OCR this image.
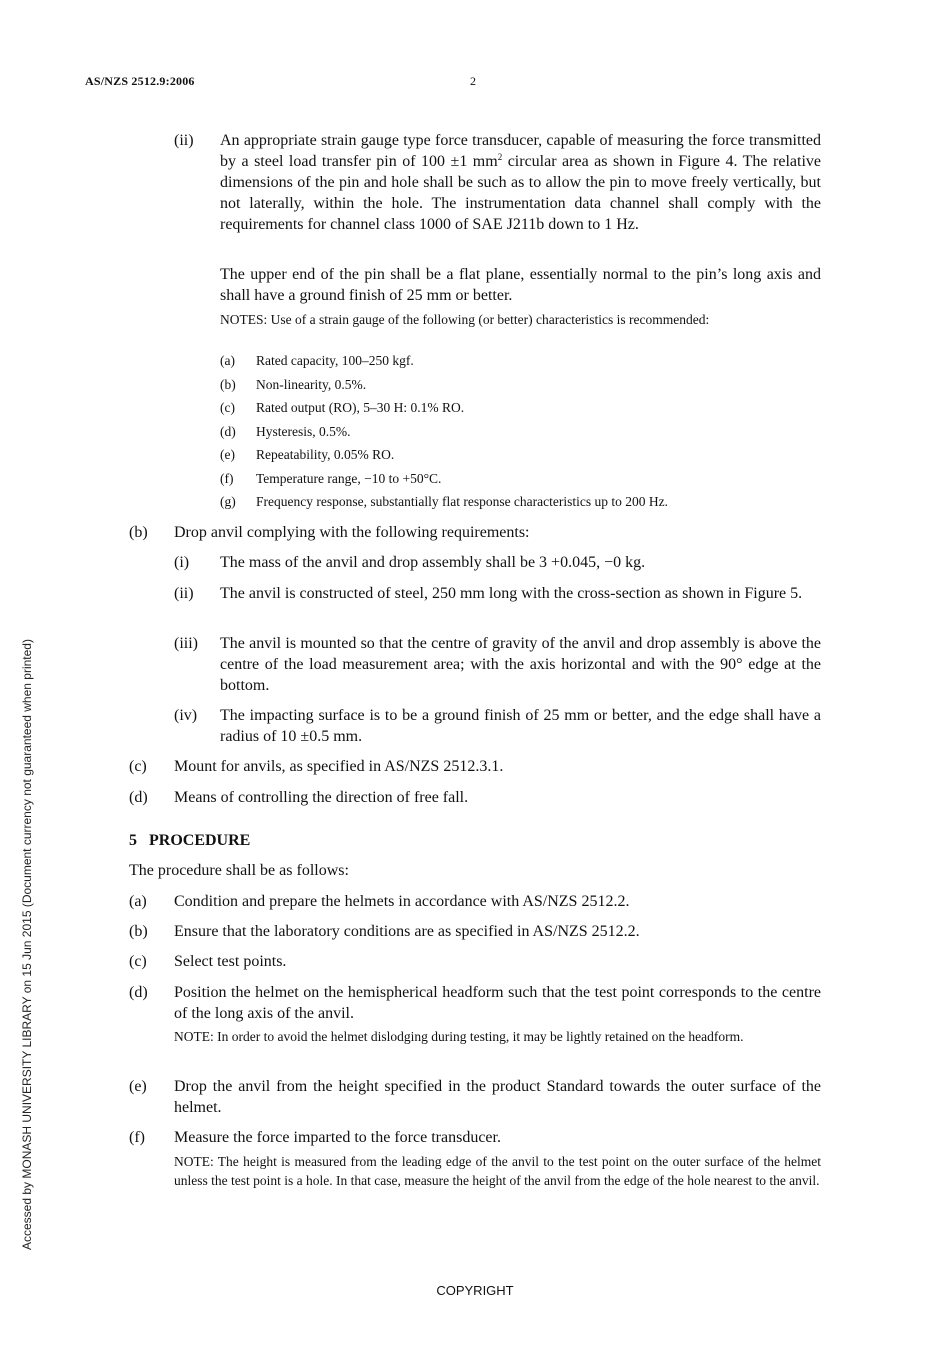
AS/NZS 2512.9:2006	2
Accessed by MONASH UNIVERSITY LIBRARY on 15 Jun 2015 (Document currency not guaranteed when printed)
(ii) An appropriate strain gauge type force transducer, capable of measuring the force transmitted by a steel load transfer pin of 100 ±1 $mm^2$ circular area as shown in Figure 4. The relative dimensions of the pin and hole shall be such as to allow the pin to move freely vertically, but not laterally, within the hole. The instrumentation data channel shall comply with the requirements for channel class 1000 of SAE J211b down to 1 Hz.
The upper end of the pin shall be a flat plane, essentially normal to the pin’s long axis and shall have a ground finish of 25 mm or better.
NOTES: Use of a strain gauge of the following (or better) characteristics is recommended:
(a) Rated capacity, 100–250 kgf.
(b) Non-linearity, 0.5%.
(c) Rated output (RO), 5–30 H: 0.1% RO.
(d) Hysteresis, 0.5%.
(e) Repeatability, 0.05% RO.
(f) Temperature range, −10 to +50°C.
(g) Frequency response, substantially flat response characteristics up to 200 Hz.
(b) Drop anvil complying with the following requirements:
(i) The mass of the anvil and drop assembly shall be 3 +0.045, −0 kg.
(ii) The anvil is constructed of steel, 250 mm long with the cross-section as shown in Figure 5.
(iii) The anvil is mounted so that the centre of gravity of the anvil and drop assembly is above the centre of the load measurement area; with the axis horizontal and with the 90° edge at the bottom.
(iv) The impacting surface is to be a ground finish of 25 mm or better, and the edge shall have a radius of 10 ±0.5 mm.
(c) Mount for anvils, as specified in AS/NZS 2512.3.1.
(d) Means of controlling the direction of free fall.
5   PROCEDURE
The procedure shall be as follows:
(a) Condition and prepare the helmets in accordance with AS/NZS 2512.2.
(b) Ensure that the laboratory conditions are as specified in AS/NZS 2512.2.
(c) Select test points.
(d) Position the helmet on the hemispherical headform such that the test point corresponds to the centre of the long axis of the anvil.
NOTE: In order to avoid the helmet dislodging during testing, it may be lightly retained on the headform.
(e) Drop the anvil from the height specified in the product Standard towards the outer surface of the helmet.
(f) Measure the force imparted to the force transducer.
NOTE: The height is measured from the leading edge of the anvil to the test point on the outer surface of the helmet unless the test point is a hole. In that case, measure the height of the anvil from the edge of the hole nearest to the anvil.
COPYRIGHT
